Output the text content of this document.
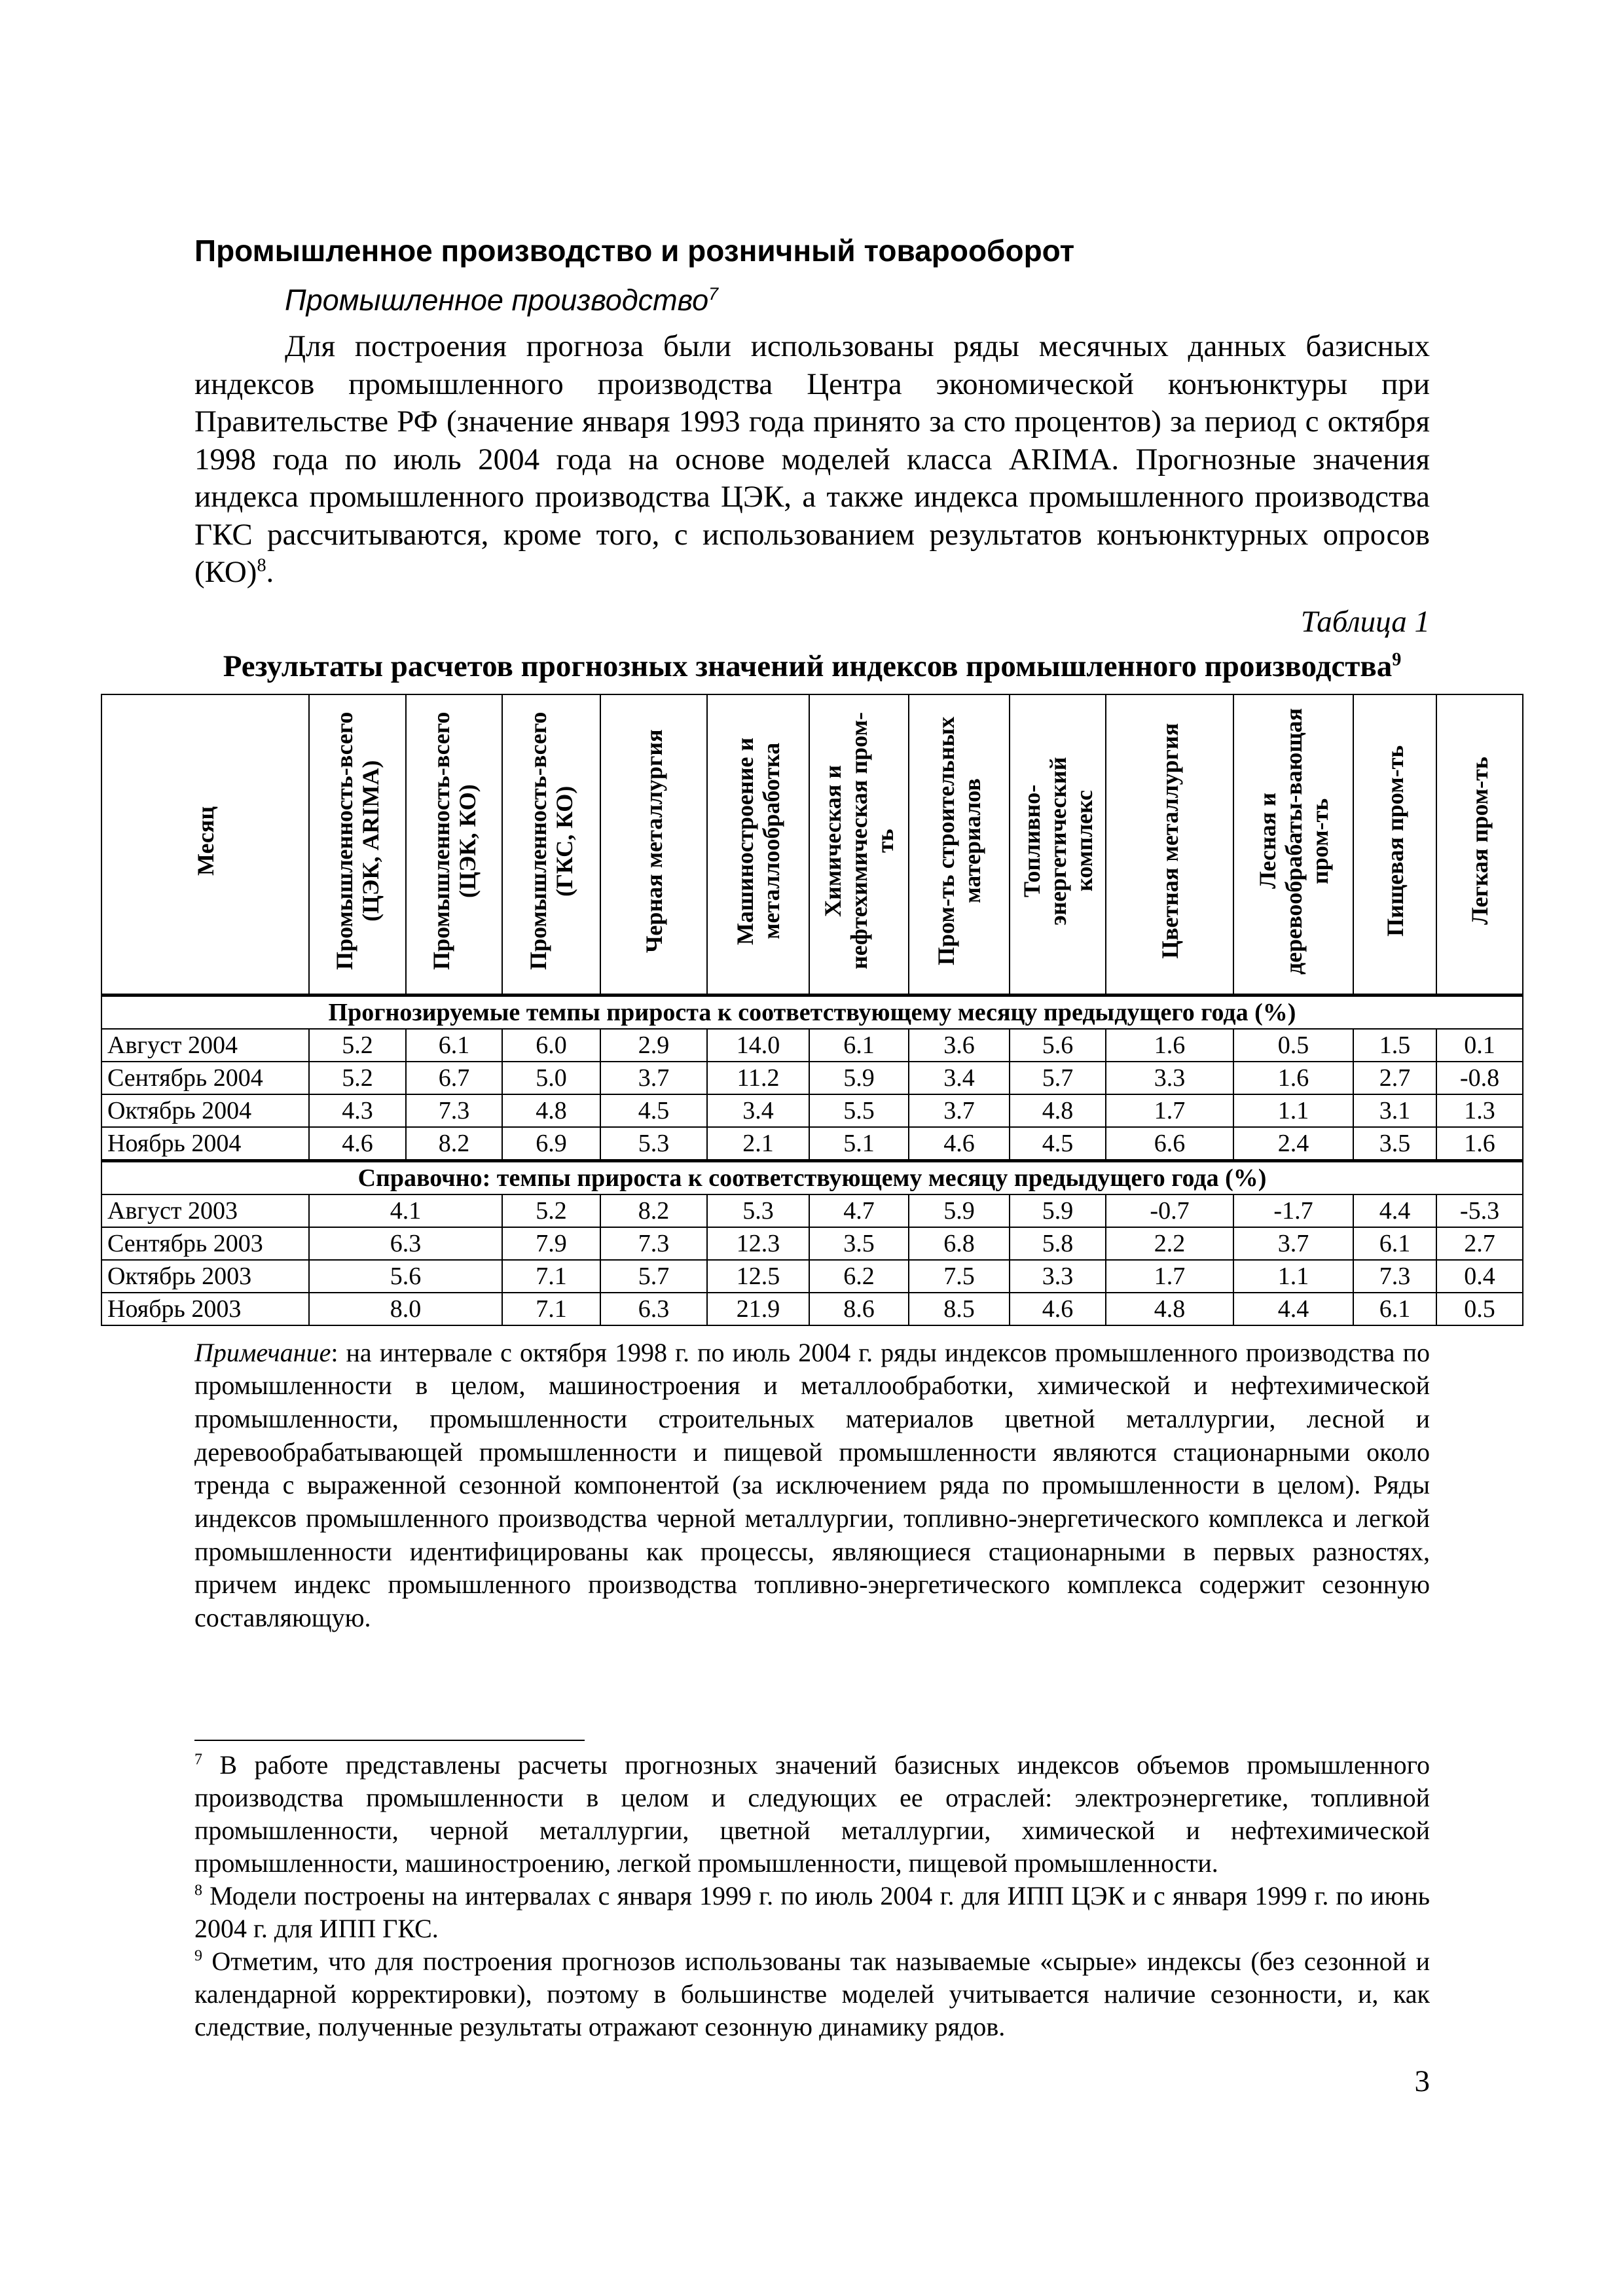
Промышленное производство и розничный товарооборот
Промышленное производство$^7$

Для построения прогноза были использованы ряды месячных данных базисных индексов промышленного производства Центра экономической конъюнктуры при Правительстве РФ (значение января 1993 года принято за сто процентов) за период с октября 1998 года по июль 2004 года на основе моделей класса ARIMA. Прогнозные значения индекса промышленного производства ЦЭК, а также индекса промышленного производства ГКС рассчитываются, кроме того, с использованием результатов конъюнктурных опросов (КО)$^8$.

Таблица 1
Результаты расчетов прогнозных значений индексов промышленного производства$^9$
Месяц	Промышленность-всего (ЦЭК, ARIMA)	Промышленность-всего (ЦЭК, КО)	Промышленность-всего (ГКС, КО)	Черная металлургия	Машиностроение и металлообработка	Химическая и нефтехимическая пром-ть	Пром-ть строительных материалов	Топливно-энергетический комплекс	Цветная металлургия	Лесная и деревообрабаты-вающая пром-ть	Пищевая пром-ть	Легкая пром-ть
Прогнозируемые темпы прироста к соответствующему месяцу предыдущего года (%)												
Август 2004	5.2	6.1	6.0	2.9	14.0	6.1	3.6	5.6	1.6	0.5	1.5	0.1
Сентябрь 2004	5.2	6.7	5.0	3.7	11.2	5.9	3.4	5.7	3.3	1.6	2.7	-0.8
Октябрь 2004	4.3	7.3	4.8	4.5	3.4	5.5	3.7	4.8	1.7	1.1	3.1	1.3
Ноябрь 2004	4.6	8.2	6.9	5.3	2.1	5.1	4.6	4.5	6.6	2.4	3.5	1.6
Справочно: темпы прироста к соответствующему месяцу предыдущего года (%)												
Август 2003	4.1		5.2	8.2	5.3	4.7	5.9	5.9	-0.7	-1.7	4.4	-5.3
Сентябрь 2003	6.3		7.9	7.3	12.3	3.5	6.8	5.8	2.2	3.7	6.1	2.7
Октябрь 2003	5.6		7.1	5.7	12.5	6.2	7.5	3.3	1.7	1.1	7.3	0.4
Ноябрь 2003	8.0		7.1	6.3	21.9	8.6	8.5	4.6	4.8	4.4	6.1	0.5

Примечание: на интервале с октября 1998 г. по июль 2004 г. ряды индексов промышленного производства по промышленности в целом, машиностроения и металлообработки, химической и нефтехимической промышленности, промышленности строительных материалов цветной металлургии, лесной и деревообрабатывающей промышленности и пищевой промышленности являются стационарными около тренда с выраженной сезонной компонентой (за исключением ряда по промышленности в целом). Ряды индексов промышленного производства черной металлургии, топливно-энергетического комплекса и легкой промышленности идентифицированы как процессы, являющиеся стационарными в первых разностях, причем индекс промышленного производства топливно-энергетического комплекса содержит сезонную составляющую.

$^7$ В работе представлены расчеты прогнозных значений базисных индексов объемов промышленного производства промышленности в целом и следующих ее отраслей: электроэнергетике, топливной промышленности, черной металлургии, цветной металлургии, химической и нефтехимической промышленности, машиностроению, легкой промышленности, пищевой промышленности.

$^8$ Модели построены на интервалах с января 1999 г. по июль 2004 г. для ИПП ЦЭК и с января 1999 г. по июнь 2004 г. для ИПП ГКС.

$^9$ Отметим, что для построения прогнозов использованы так называемые «сырые» индексы (без сезонной и календарной корректировки), поэтому в большинстве моделей учитывается наличие сезонности, и, как следствие, полученные результаты отражают сезонную динамику рядов.

3
